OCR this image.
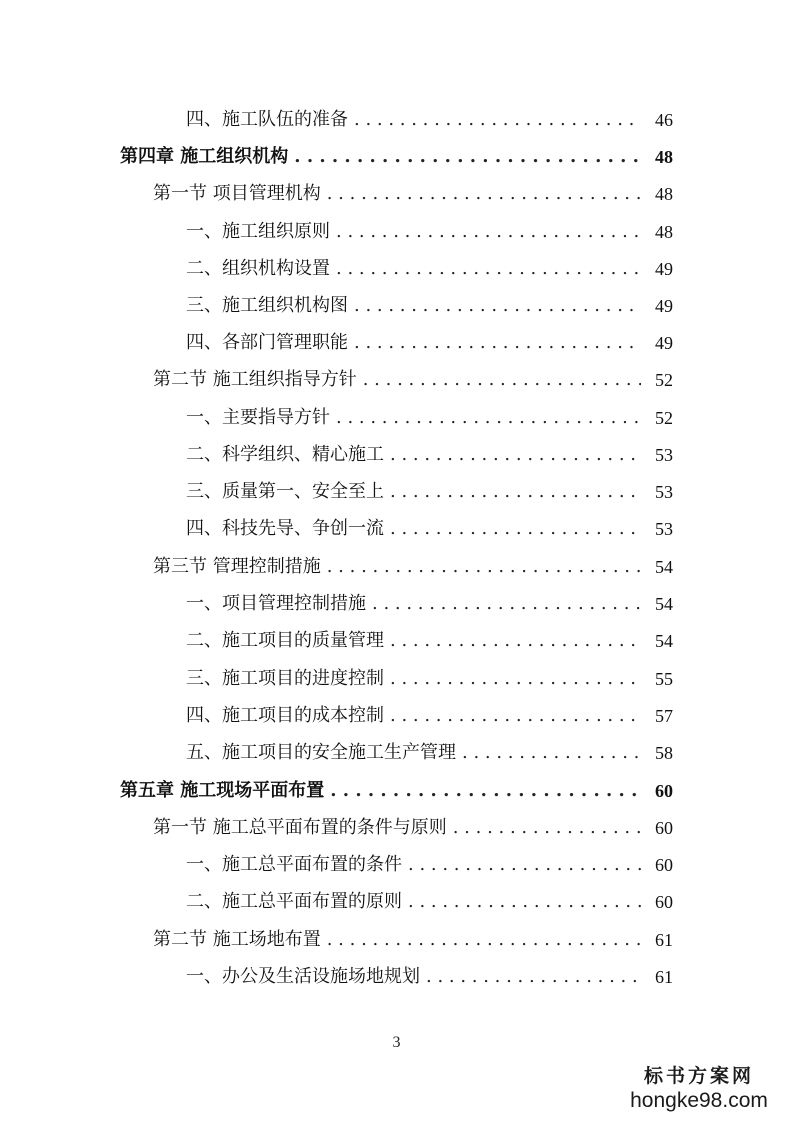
四、施工队伍的准备 . . .	46
第四章 施工组织机构 . . .	48
第一节 项目管理机构 . . .	48
一、施工组织原则 . . .	48
二、组织机构设置 . . .	49
三、施工组织机构图 . . .	49
四、各部门管理职能 . . .	49
第二节 施工组织指导方针 . . .	52
一、主要指导方针 . . .	52
二、科学组织、精心施工 . . .	53
三、质量第一、安全至上 . . .	53
四、科技先导、争创一流 . . .	53
第三节 管理控制措施 . . .	54
一、项目管理控制措施 . . .	54
二、施工项目的质量管理 . . .	54
三、施工项目的进度控制 . . .	55
四、施工项目的成本控制 . . .	57
五、施工项目的安全施工生产管理 . . .	58
第五章 施工现场平面布置 . . .	60
第一节 施工总平面布置的条件与原则 . . .	60
一、施工总平面布置的条件 . . .	60
二、施工总平面布置的原则 . . .	60
第二节 施工场地布置 . . .	61
一、办公及生活设施场地规划 . . .	61
3
标书方案网
hongke98.com
